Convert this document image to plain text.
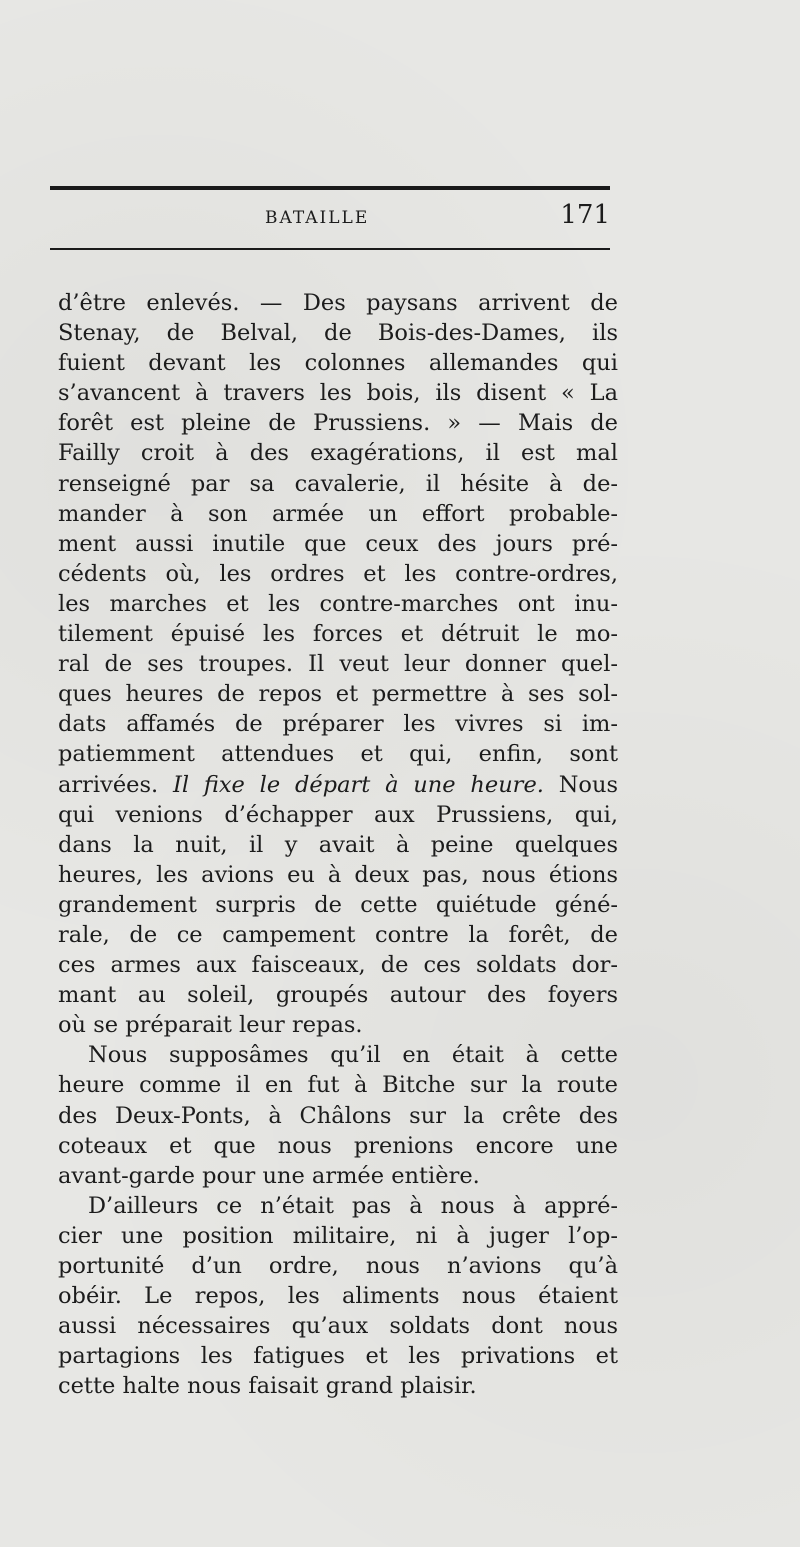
BATAILLE	171
d’être enlevés. — Des paysans arrivent de
Stenay, de Belval, de Bois-des-Dames, ils
fuient devant les colonnes allemandes qui
s’avancent à travers les bois, ils disent « La
forêt est pleine de Prussiens. » — Mais de
Failly croit à des exagérations, il est mal
renseigné par sa cavalerie, il hésite à de-
mander à son armée un effort probable-
ment aussi inutile que ceux des jours pré-
cédents où, les ordres et les contre-ordres,
les marches et les contre-marches ont inu-
tilement épuisé les forces et détruit le mo-
ral de ses troupes. Il veut leur donner quel-
ques heures de repos et permettre à ses sol-
dats affamés de préparer les vivres si im-
patiemment attendues et qui, enfin, sont
arrivées. Il fixe le départ à une heure. Nous
qui venions d’échapper aux Prussiens, qui,
dans la nuit, il y avait à peine quelques
heures, les avions eu à deux pas, nous étions
grandement surpris de cette quiétude géné-
rale, de ce campement contre la forêt, de
ces armes aux faisceaux, de ces soldats dor-
mant au soleil, groupés autour des foyers
où se préparait leur repas.
Nous supposâmes qu’il en était à cette
heure comme il en fut à Bitche sur la route
des Deux-Ponts, à Châlons sur la crête des
coteaux et que nous prenions encore une
avant-garde pour une armée entière.
D’ailleurs ce n’était pas à nous à appré-
cier une position militaire, ni à juger l’op-
portunité d’un ordre, nous n’avions qu’à
obéir. Le repos, les aliments nous étaient
aussi nécessaires qu’aux soldats dont nous
partagions les fatigues et les privations et
cette halte nous faisait grand plaisir.
